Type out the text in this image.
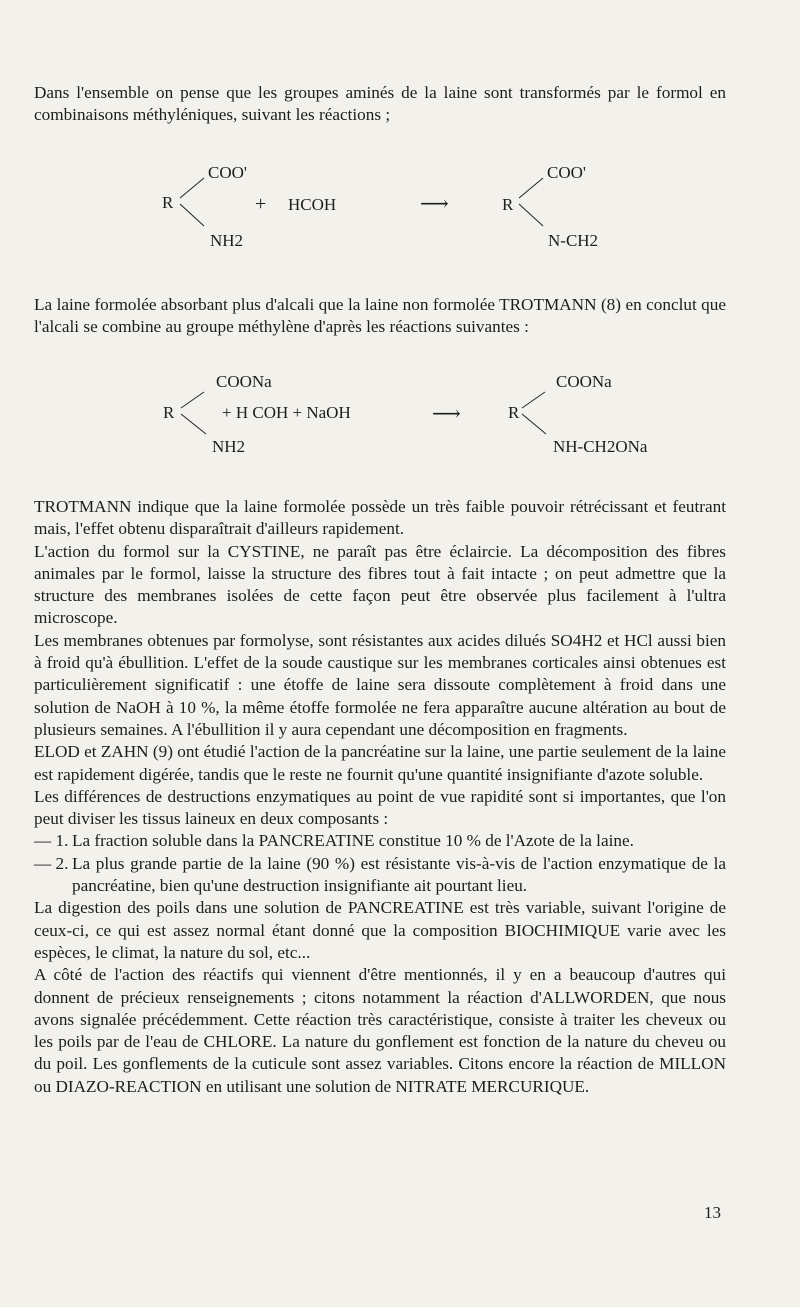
Dans l'ensemble on pense que les groupes aminés de la laine sont transformés par le formol en combinaisons méthyléniques, suivant les réactions ;

COO'
R
NH2
+ HCOH	⟶	R
COO'
N-CH2

La laine formolée absorbant plus d'alcali que la laine non formolée TROTMANN (8) en conclut que l'alcali se combine au groupe méthylène d'après les réactions suivantes :

COONa
R
NH2
+ H COH + NaOH	⟶	R
COONa
NH-CH2ONa

TROTMANN indique que la laine formolée possède un très faible pouvoir rétrécissant et feutrant mais, l'effet obtenu disparaîtrait d'ailleurs rapidement.

L'action du formol sur la CYSTINE, ne paraît pas être éclaircie. La décomposition des fibres animales par le formol, laisse la structure des fibres tout à fait intacte ; on peut admettre que la structure des membranes isolées de cette façon peut être observée plus facilement à l'ultra microscope.

Les membranes obtenues par formolyse, sont résistantes aux acides dilués SO4H2 et HCl aussi bien à froid qu'à ébullition. L'effet de la soude caustique sur les membranes corticales ainsi obtenues est particulièrement significatif : une étoffe de laine sera dissoute complètement à froid dans une solution de NaOH à 10 %, la même étoffe formolée ne fera apparaître aucune altération au bout de plusieurs semaines. A l'ébullition il y aura cependant une décomposition en fragments.

ELOD et ZAHN (9) ont étudié l'action de la pancréatine sur la laine, une partie seulement de la laine est rapidement digérée, tandis que le reste ne fournit qu'une quantité insignifiante d'azote soluble.

Les différences de destructions enzymatiques au point de vue rapidité sont si importantes, que l'on peut diviser les tissus laineux en deux composants :

— 1. La fraction soluble dans la PANCREATINE constitue 10 % de l'Azote de la laine.
— 2. La plus grande partie de la laine (90 %) est résistante vis-à-vis de l'action enzymatique de la pancréatine, bien qu'une destruction insignifiante ait pourtant lieu.

La digestion des poils dans une solution de PANCREATINE est très variable, suivant l'origine de ceux-ci, ce qui est assez normal étant donné que la composition BIOCHIMIQUE varie avec les espèces, le climat, la nature du sol, etc...

A côté de l'action des réactifs qui viennent d'être mentionnés, il y en a beaucoup d'autres qui donnent de précieux renseignements ; citons notamment la réaction d'ALLWORDEN, que nous avons signalée précédemment. Cette réaction très caractéristique, consiste à traiter les cheveux ou les poils par de l'eau de CHLORE. La nature du gonflement est fonction de la nature du cheveu ou du poil. Les gonflements de la cuticule sont assez variables. Citons encore la réaction de MILLON ou DIAZO-REACTION en utilisant une solution de NITRATE MERCURIQUE.

13
